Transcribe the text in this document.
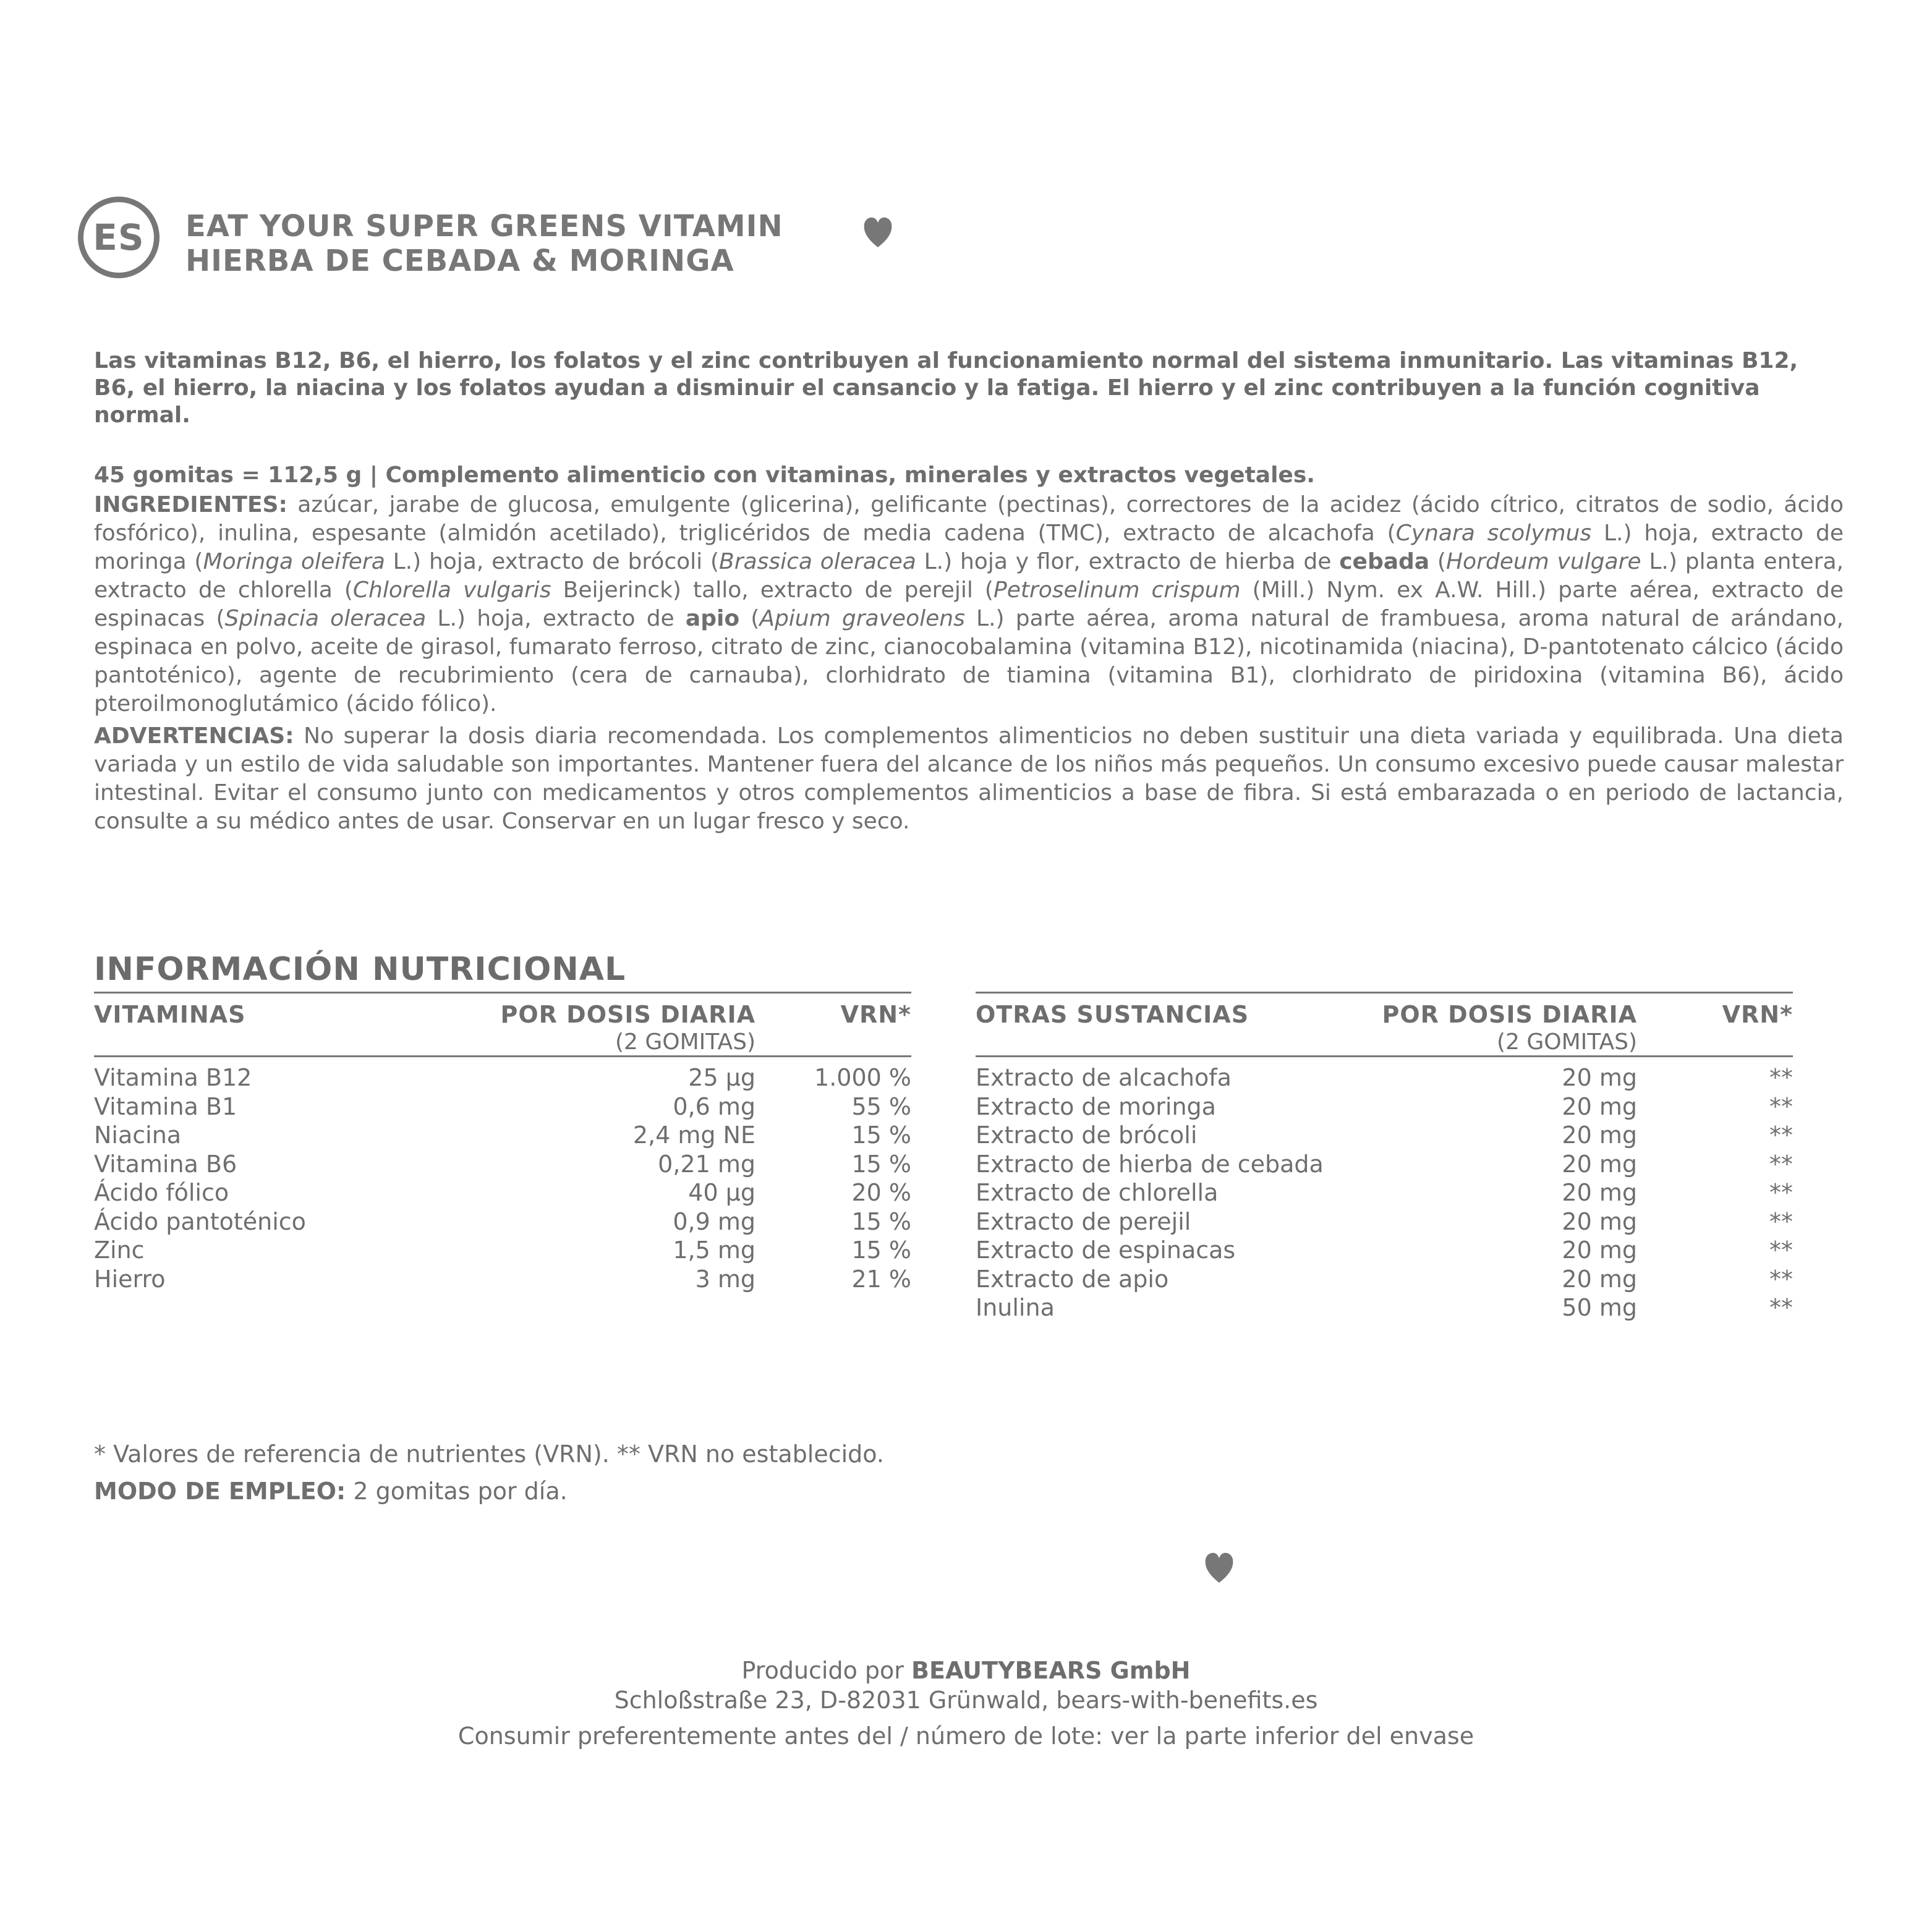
ES	EAT YOUR SUPER GREENS VITAMIN
HIERBA DE CEBADA & MORINGA
Las vitaminas B12, B6, el hierro, los folatos y el zinc contribuyen al funcionamiento normal del sistema inmunitario. Las vitaminas B12, B6, el hierro, la niacina y los folatos ayudan a disminuir el cansancio y la fatiga. El hierro y el zinc contribuyen a la función cognitiva normal.
45 gomitas = 112,5 g | Complemento alimenticio con vitaminas, minerales y extractos vegetales.
INGREDIENTES: azúcar, jarabe de glucosa, emulgente (glicerina), gelificante (pectinas), correctores de la acidez (ácido cítrico, citratos de sodio, ácido fosfórico), inulina, espesante (almidón acetilado), triglicéridos de media cadena (TMC), extracto de alcachofa (Cynara scolymus L.) hoja, extracto de moringa (Moringa oleifera L.) hoja, extracto de brócoli (Brassica oleracea L.) hoja y flor, extracto de hierba de cebada (Hordeum vulgare L.) planta entera, extracto de chlorella (Chlorella vulgaris Beijerinck) tallo, extracto de perejil (Petroselinum crispum (Mill.) Nym. ex A.W. Hill.) parte aérea, extracto de espinacas (Spinacia oleracea L.) hoja, extracto de apio (Apium graveolens L.) parte aérea, aroma natural de frambuesa, aroma natural de arándano, espinaca en polvo, aceite de girasol, fumarato ferroso, citrato de zinc, cianocobalamina (vitamina B12), nicotinamida (niacina), D-pantotenato cálcico (ácido pantoténico), agente de recubrimiento (cera de carnauba), clorhidrato de tiamina (vitamina B1), clorhidrato de piridoxina (vitamina B6), ácido pteroilmonoglutámico (ácido fólico).
ADVERTENCIAS: No superar la dosis diaria recomendada. Los complementos alimenticios no deben sustituir una dieta variada y equilibrada. Una dieta variada y un estilo de vida saludable son importantes. Mantener fuera del alcance de los niños más pequeños. Un consumo excesivo puede causar malestar intestinal. Evitar el consumo junto con medicamentos y otros complementos alimenticios a base de fibra. Si está embarazada o en periodo de lactancia, consulte a su médico antes de usar. Conservar en un lugar fresco y seco.
INFORMACIÓN NUTRICIONAL
VITAMINAS	POR DOSIS DIARIA
(2 GOMITAS)
VRN*
Vitamina B12	25 µg	1.000 %
Vitamina B1	0,6 mg	55 %
Niacina	2,4 mg NE	15 %
Vitamina B6	0,21 mg	15 %
Ácido fólico	40 µg	20 %
Ácido pantoténico	0,9 mg	15 %
Zinc	1,5 mg	15 %
Hierro	3 mg	21 %
OTRAS SUSTANCIAS	POR DOSIS DIARIA
(2 GOMITAS)
VRN*
Extracto de alcachofa	20 mg	**
Extracto de moringa	20 mg	**
Extracto de brócoli	20 mg	**
Extracto de hierba de cebada	20 mg	**
Extracto de chlorella	20 mg	**
Extracto de perejil	20 mg	**
Extracto de espinacas	20 mg	**
Extracto de apio	20 mg	**
Inulina	50 mg	**
* Valores de referencia de nutrientes (VRN). ** VRN no establecido.
MODO DE EMPLEO: 2 gomitas por día.
Producido por BEAUTYBEARS GmbH
Schloßstraße 23, D-82031 Grünwald, bears-with-benefits.es
Consumir preferentemente antes del / número de lote: ver la parte inferior del envase
